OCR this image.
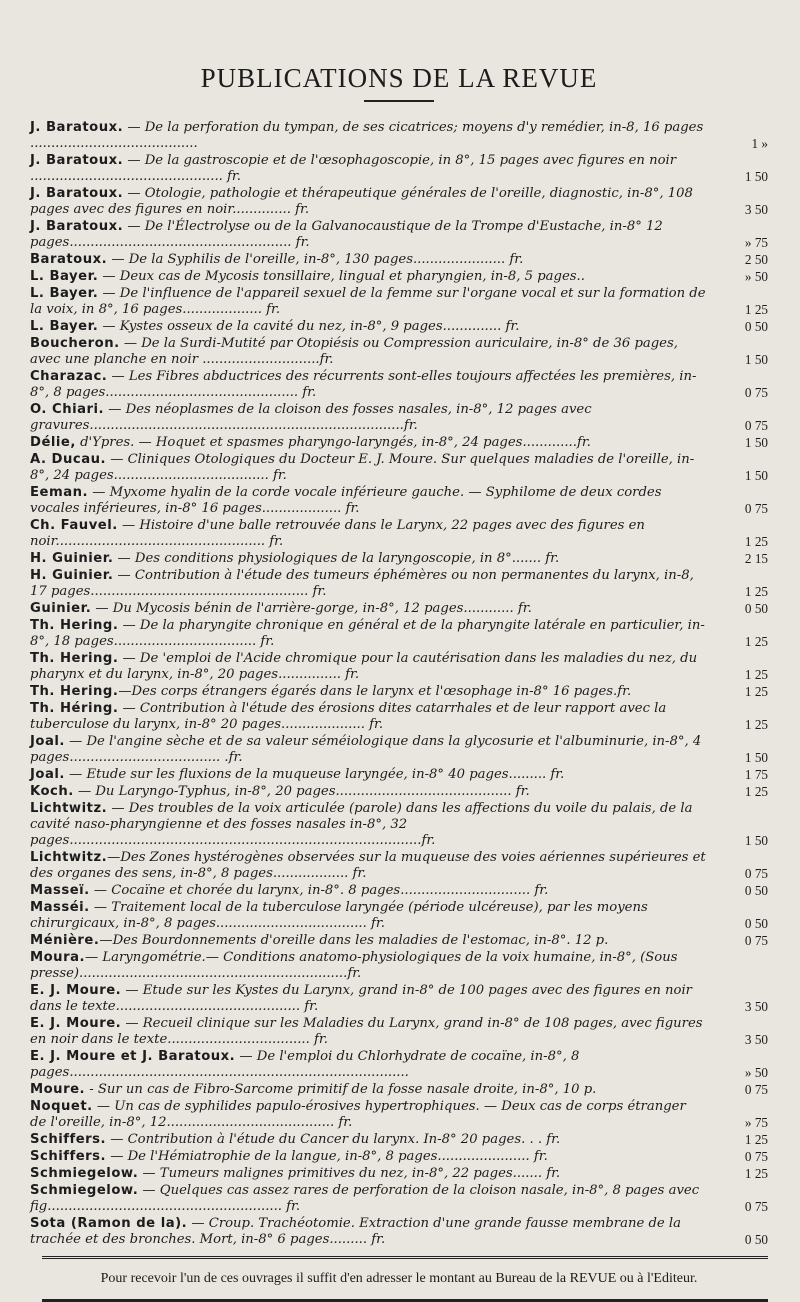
PUBLICATIONS DE LA REVUE
J. Baratoux. — De la perforation du tympan, de ses cicatrices; moyens d'y remédier, in-8, 16 pages ........................................	1 »
J. Baratoux. — De la gastroscopie et de l'œsophagoscopie, in 8°, 15 pages avec figures en noir .............................................. fr.	1 50
J. Baratoux. — Otologie, pathologie et thérapeutique générales de l'oreille, diagnostic, in-8°, 108 pages avec des figures en noir.............. fr.	3 50
J. Baratoux. — De l'Électrolyse ou de la Galvanocaustique de la Trompe d'Eustache, in-8° 12 pages..................................................... fr.	» 75
Baratoux. — De la Syphilis de l'oreille, in-8°, 130 pages...................... fr.	2 50
L. Bayer. — Deux cas de Mycosis tonsillaire, lingual et pharyngien, in-8, 5 pages..	» 50
L. Bayer. — De l'influence de l'appareil sexuel de la femme sur l'organe vocal et sur la formation de la voix, in 8°, 16 pages................... fr.	1 25
L. Bayer. — Kystes osseux de la cavité du nez, in-8°, 9 pages.............. fr.	0 50
Boucheron. — De la Surdi-Mutité par Otopiésis ou Compression auriculaire, in-8° de 36 pages, avec une planche en noir ............................fr.	1 50
Charazac. — Les Fibres abductrices des récurrents sont-elles toujours affectées les premières, in-8°, 8 pages.............................................. fr.	0 75
O. Chiari. — Des néoplasmes de la cloison des fosses nasales, in-8°, 12 pages avec gravures...........................................................................fr.	0 75
Délie, d'Ypres. — Hoquet et spasmes pharyngo-laryngés, in-8°, 24 pages.............fr.	1 50
A. Ducau. — Cliniques Otologiques du Docteur E. J. Moure. Sur quelques maladies de l'oreille, in-8°, 24 pages..................................... fr.	1 50
Eeman. — Myxome hyalin de la corde vocale inférieure gauche. — Syphilome de deux cordes vocales inférieures, in-8° 16 pages................... fr.	0 75
Ch. Fauvel. — Histoire d'une balle retrouvée dans le Larynx, 22 pages avec des figures en noir.................................................. fr.	1 25
H. Guinier. — Des conditions physiologiques de la laryngoscopie, in 8°....... fr.	2 15
H. Guinier. — Contribution à l'étude des tumeurs éphémères ou non permanentes du larynx, in-8, 17 pages.................................................... fr.	1 25
Guinier. — Du Mycosis bénin de l'arrière-gorge, in-8°, 12 pages............ fr.	0 50
Th. Hering. — De la pharyngite chronique en général et de la pharyngite latérale en particulier, in-8°, 18 pages.................................. fr.	1 25
Th. Hering. — De 'emploi de l'Acide chromique pour la cautérisation dans les maladies du nez, du pharynx et du larynx, in-8°, 20 pages............... fr.	1 25
Th. Hering.—Des corps étrangers égarés dans le larynx et l'œsophage in-8° 16 pages.fr.	1 25
Th. Héring. — Contribution à l'étude des érosions dites catarrhales et de leur rapport avec la tuberculose du larynx, in-8° 20 pages.................... fr.	1 25
Joal. — De l'angine sèche et de sa valeur séméiologique dans la glycosurie et l'albuminurie, in-8°, 4 pages.................................... .fr.	1 50
Joal. — Etude sur les fluxions de la muqueuse laryngée, in-8° 40 pages......... fr.	1 75
Koch. — Du Laryngo-Typhus, in-8°, 20 pages.......................................... fr.	1 25
Lichtwitz. — Des troubles de la voix articulée (parole) dans les affections du voile du palais, de la cavité naso-pharyngienne et des fosses nasales in-8°, 32 pages....................................................................................fr.	1 50
Lichtwitz.—Des Zones hystérogènes observées sur la muqueuse des voies aériennes supérieures et des organes des sens, in-8°, 8 pages.................. fr.	0 75
Masseï. — Cocaïne et chorée du larynx, in-8°. 8 pages............................... fr.	0 50
Masséi. — Traitement local de la tuberculose laryngée (période ulcéreuse), par les moyens chirurgicaux, in-8°, 8 pages.................................... fr.	0 50
Ménière.—Des Bourdonnements d'oreille dans les maladies de l'estomac, in-8°. 12 p.	0 75
Moura.— Laryngométrie.— Conditions anatomo-physiologiques de la voix humaine, in-8°, (Sous presse)................................................................fr.
E. J. Moure. — Etude sur les Kystes du Larynx, grand in-8° de 100 pages avec des figures en noir dans le texte............................................ fr.	3 50
E. J. Moure. — Recueil clinique sur les Maladies du Larynx, grand in-8° de 108 pages, avec figures en noir dans le texte.................................. fr.	3 50
E. J. Moure et J. Baratoux. — De l'emploi du Chlorhydrate de cocaïne, in-8°, 8 pages.................................................................................	» 50
Moure. - Sur un cas de Fibro-Sarcome primitif de la fosse nasale droite, in-8°, 10 p.	0 75
Noquet. — Un cas de syphilides papulo-érosives hypertrophiques. — Deux cas de corps étranger de l'oreille, in-8°, 12........................................ fr.	» 75
Schiffers. — Contribution à l'étude du Cancer du larynx. In-8° 20 pages. . . fr.	1 25
Schiffers. — De l'Hémiatrophie de la langue, in-8°, 8 pages...................... fr.	0 75
Schmiegelow. — Tumeurs malignes primitives du nez, in-8°, 22 pages....... fr.	1 25
Schmiegelow. — Quelques cas assez rares de perforation de la cloison nasale, in-8°, 8 pages avec fig........................................................ fr.	0 75
Sota (Ramon de la). — Croup. Trachéotomie. Extraction d'une grande fausse membrane de la trachée et des bronches. Mort, in-8° 6 pages......... fr.	0 50
Pour recevoir l'un de ces ouvrages il suffit d'en adresser le montant au Bureau de la REVUE ou à l'Editeur.
